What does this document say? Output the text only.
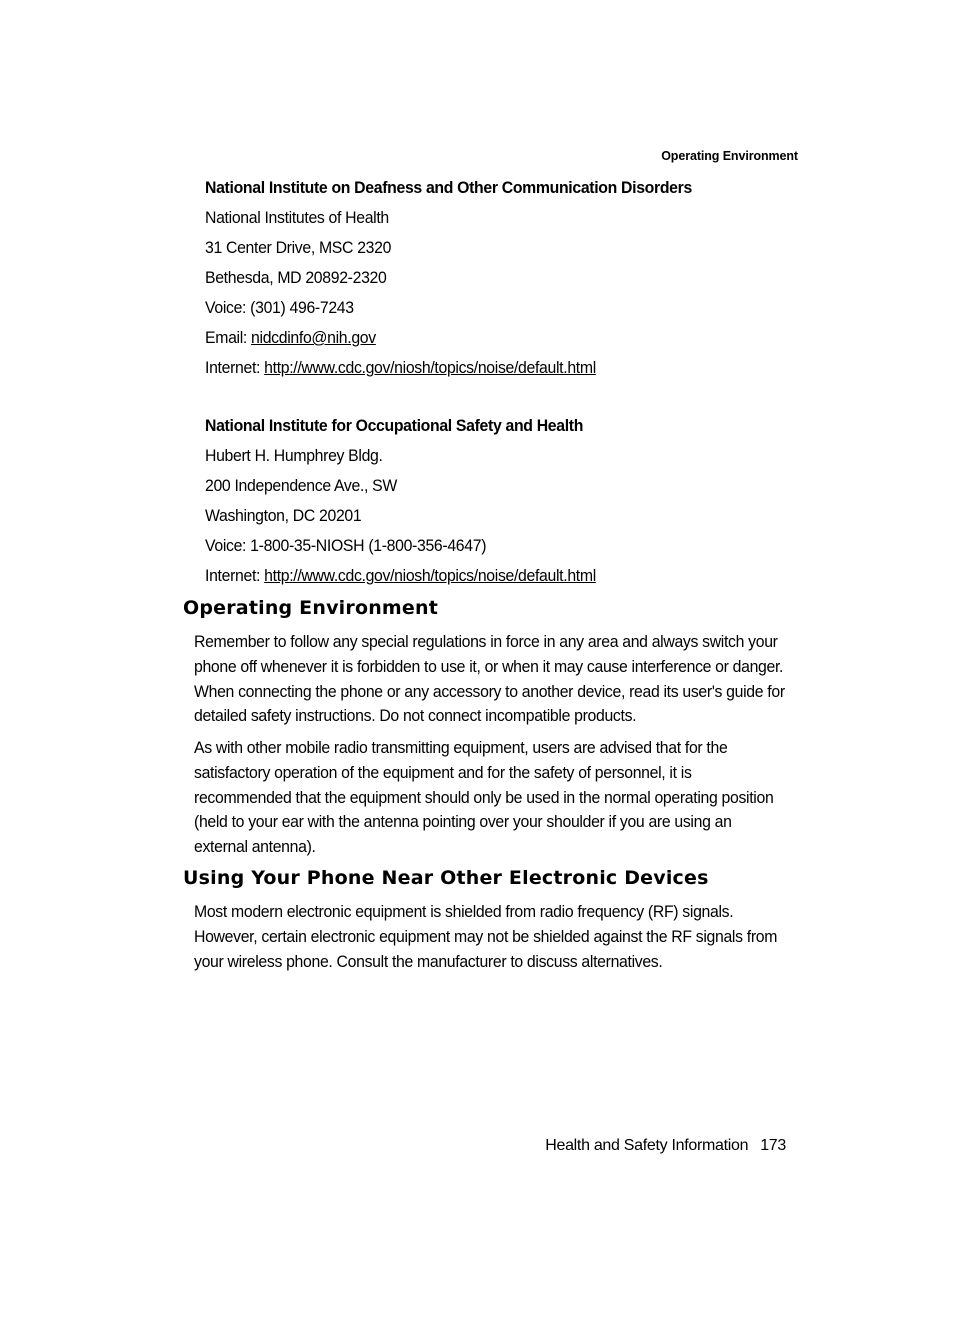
Operating Environment
National Institute on Deafness and Other Communication Disorders
National Institutes of Health
31 Center Drive, MSC 2320
Bethesda, MD 20892-2320
Voice: (301) 496-7243
Email: nidcdinfo@nih.gov
Internet: http://www.cdc.gov/niosh/topics/noise/default.html
National Institute for Occupational Safety and Health
Hubert H. Humphrey Bldg.
200 Independence Ave., SW
Washington, DC 20201
Voice: 1-800-35-NIOSH (1-800-356-4647)
Internet: http://www.cdc.gov/niosh/topics/noise/default.html
Operating Environment

Remember to follow any special regulations in force in any area and always switch your phone off whenever it is forbidden to use it, or when it may cause interference or danger. When connecting the phone or any accessory to another device, read its user's guide for detailed safety instructions. Do not connect incompatible products.

As with other mobile radio transmitting equipment, users are advised that for the satisfactory operation of the equipment and for the safety of personnel, it is recommended that the equipment should only be used in the normal operating position (held to your ear with the antenna pointing over your shoulder if you are using an external antenna).

Using Your Phone Near Other Electronic Devices

Most modern electronic equipment is shielded from radio frequency (RF) signals. However, certain electronic equipment may not be shielded against the RF signals from your wireless phone. Consult the manufacturer to discuss alternatives.

Health and Safety Information 173
